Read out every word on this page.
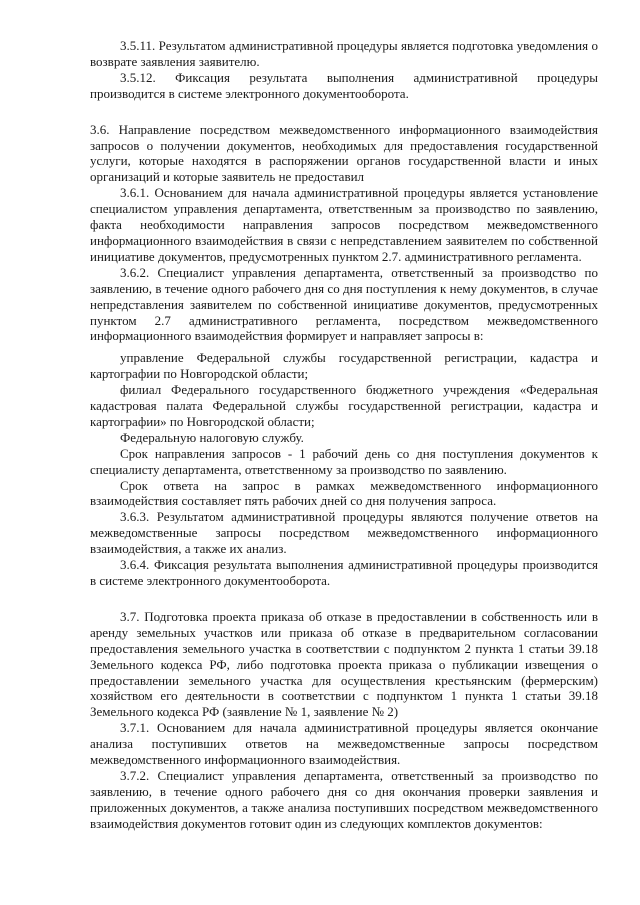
3.5.11. Результатом административной процедуры является подготовка уведомления о возврате заявления заявителю.

3.5.12. Фиксация результата выполнения административной процедуры

производится в системе электронного документооборота.

3.6. Направление посредством межведомственного информационного взаимодействия запросов о получении документов, необходимых для предоставления государственной услуги, которые находятся в распоряжении органов государственной власти и иных организаций и которые заявитель не предоставил

3.6.1. Основанием для начала административной процедуры является установление специалистом управления департамента, ответственным за производство по заявлению, факта необходимости направления запросов посредством межведомственного информационного взаимодействия в связи с непредставлением заявителем по собственной инициативе документов, предусмотренных пунктом 2.7. административного регламента.

3.6.2. Специалист управления департамента, ответственный за производство по заявлению, в течение одного рабочего дня со дня поступления к нему документов, в случае непредставления заявителем по собственной инициативе документов, предусмотренных пунктом 2.7 административного регламента, посредством межведомственного информационного взаимодействия формирует и направляет запросы в:

управление Федеральной службы государственной регистрации, кадастра и картографии по Новгородской области;

филиал Федерального государственного бюджетного учреждения «Федеральная кадастровая палата Федеральной службы государственной регистрации, кадастра и картографии» по Новгородской области;

Федеральную налоговую службу.

Срок направления запросов - 1 рабочий день со дня поступления документов к специалисту департамента, ответственному за производство по заявлению.

Срок ответа на запрос в рамках межведомственного информационного взаимодействия составляет пять рабочих дней со дня получения запроса.

3.6.3. Результатом административной процедуры являются получение ответов на межведомственные запросы посредством межведомственного информационного взаимодействия, а также их анализ.

3.6.4. Фиксация результата выполнения административной процедуры производится в системе электронного документооборота.

3.7. Подготовка проекта приказа об отказе в предоставлении в собственность или в аренду земельных участков или приказа об отказе в предварительном согласовании предоставления земельного участка в соответствии с подпунктом 2 пункта 1 статьи 39.18 Земельного кодекса РФ, либо подготовка проекта приказа о публикации извещения о предоставлении земельного участка для осуществления крестьянским (фермерским) хозяйством его деятельности в соответствии с подпунктом 1 пункта 1 статьи 39.18 Земельного кодекса РФ (заявление № 1, заявление № 2)

3.7.1. Основанием для начала административной процедуры является окончание анализа поступивших ответов на межведомственные запросы посредством межведомственного информационного взаимодействия.

3.7.2. Специалист управления департамента, ответственный за производство по заявлению, в течение одного рабочего дня со дня окончания проверки заявления и приложенных документов, а также анализа поступивших посредством межведомственного взаимодействия документов готовит один из следующих комплектов документов:
